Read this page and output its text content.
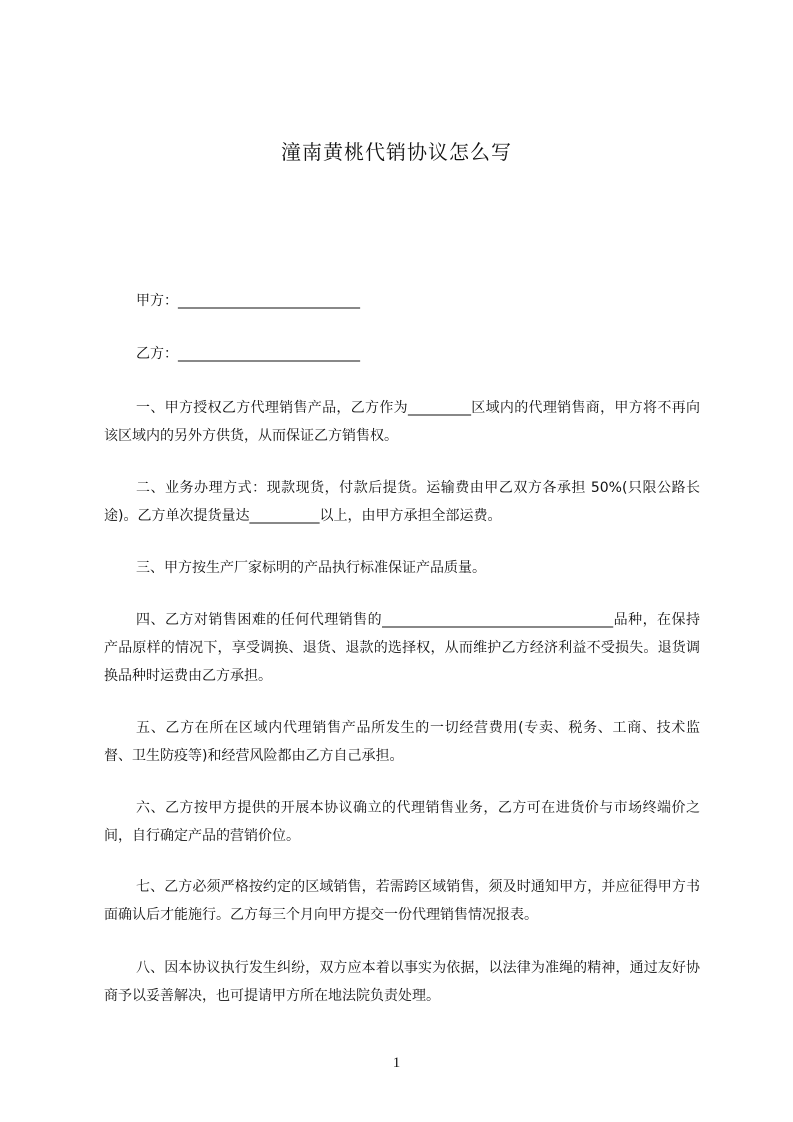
潼南黄桃代销协议怎么写
甲方：__________________________
乙方：__________________________
一、甲方授权乙方代理销售产品，乙方作为_________区域内的代理销售商，甲方将不再向该区域内的另外方供货，从而保证乙方销售权。
二、业务办理方式：现款现货，付款后提货。运输费由甲乙双方各承担 50%(只限公路长途)。乙方单次提货量达__________以上，由甲方承担全部运费。
三、甲方按生产厂家标明的产品执行标准保证产品质量。
四、乙方对销售困难的任何代理销售的_________________________________品种，在保持产品原样的情况下，享受调换、退货、退款的选择权，从而维护乙方经济利益不受损失。退货调换品种时运费由乙方承担。
五、乙方在所在区域内代理销售产品所发生的一切经营费用(专卖、税务、工商、技术监督、卫生防疫等)和经营风险都由乙方自己承担。
六、乙方按甲方提供的开展本协议确立的代理销售业务，乙方可在进货价与市场终端价之间，自行确定产品的营销价位。
七、乙方必须严格按约定的区域销售，若需跨区域销售，须及时通知甲方，并应征得甲方书面确认后才能施行。乙方每三个月向甲方提交一份代理销售情况报表。
八、因本协议执行发生纠纷，双方应本着以事实为依据，以法律为准绳的精神，通过友好协商予以妥善解决，也可提请甲方所在地法院负责处理。
1
